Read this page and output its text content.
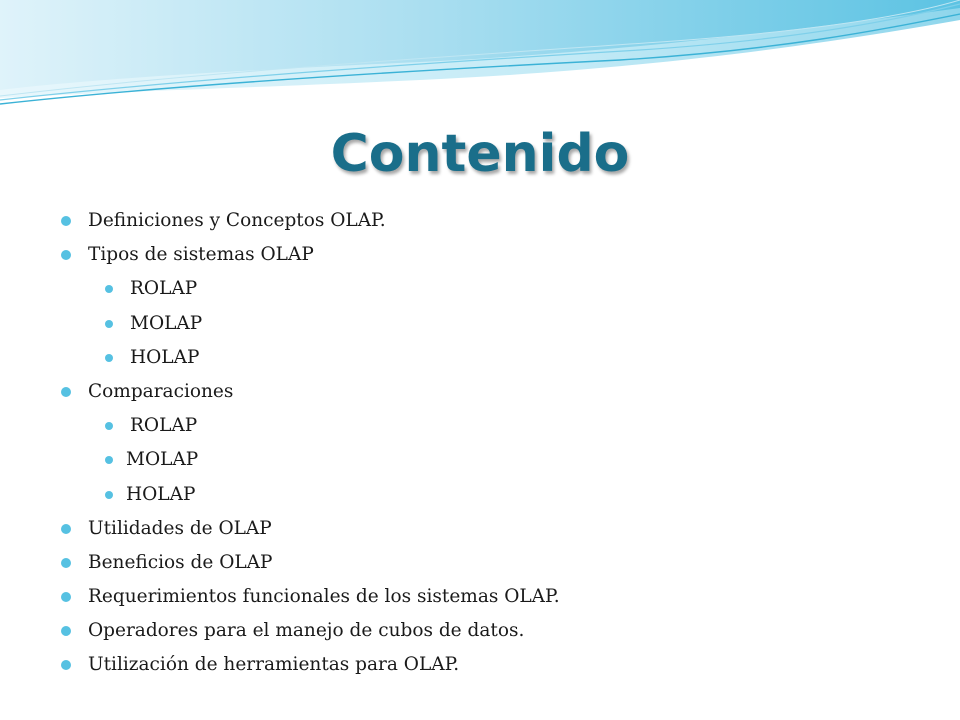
Contenido
Definiciones y Conceptos OLAP.
Tipos de sistemas OLAP
ROLAP
MOLAP
HOLAP
Comparaciones
ROLAP
MOLAP
HOLAP
Utilidades de OLAP
Beneficios de OLAP
Requerimientos funcionales de los sistemas OLAP.
Operadores para el manejo de cubos de datos.
Utilización de herramientas para OLAP.
